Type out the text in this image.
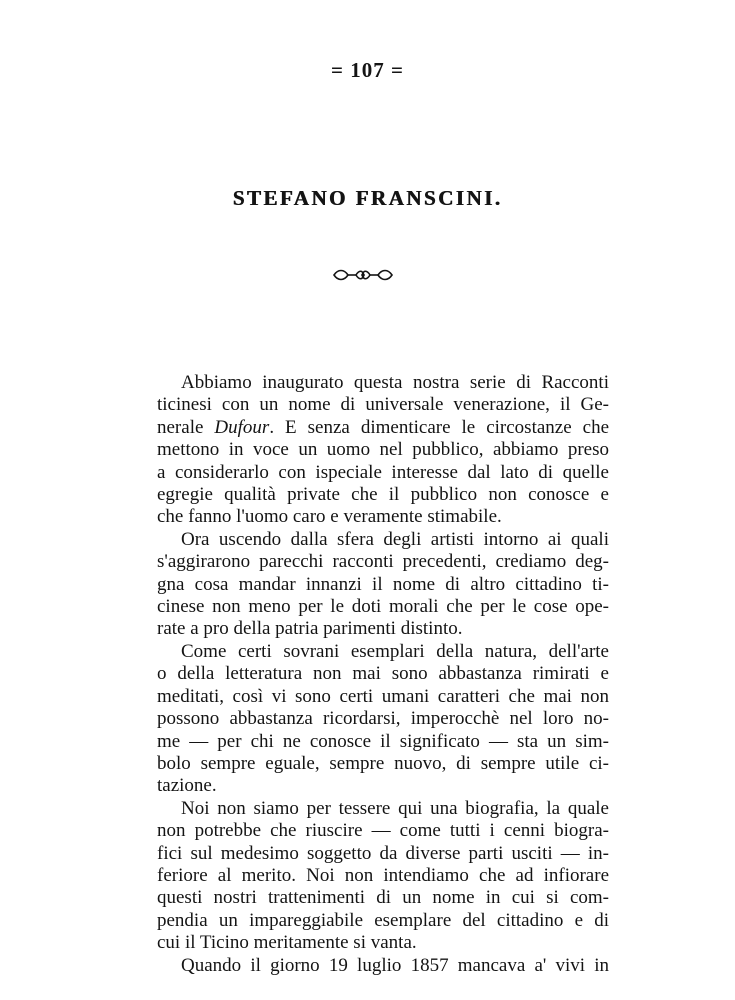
= 107 =
STEFANO FRANSCINI.
Abbiamo inaugurato questa nostra serie di Racconti
ticinesi con un nome di universale venerazione, il Ge-
nerale Dufour. E senza dimenticare le circostanze che
mettono in voce un uomo nel pubblico, abbiamo preso
a considerarlo con ispeciale interesse dal lato di quelle
egregie qualità private che il pubblico non conosce e
che fanno l'uomo caro e veramente stimabile.
Ora uscendo dalla sfera degli artisti intorno ai quali
s'aggirarono parecchi racconti precedenti, crediamo deg-
gna cosa mandar innanzi il nome di altro cittadino ti-
cinese non meno per le doti morali che per le cose ope-
rate a pro della patria parimenti distinto.
Come certi sovrani esemplari della natura, dell'arte
o della letteratura non mai sono abbastanza rimirati e
meditati, così vi sono certi umani caratteri che mai non
possono abbastanza ricordarsi, imperocchè nel loro no-
me — per chi ne conosce il significato — sta un sim-
bolo sempre eguale, sempre nuovo, di sempre utile ci-
tazione.
Noi non siamo per tessere qui una biografia, la quale
non potrebbe che riuscire — come tutti i cenni biogra-
fici sul medesimo soggetto da diverse parti usciti — in-
feriore al merito. Noi non intendiamo che ad infiorare
questi nostri trattenimenti di un nome in cui si com-
pendia un impareggiabile esemplare del cittadino e di
cui il Ticino meritamente si vanta.
Quando il giorno 19 luglio 1857 mancava a' vivi in
